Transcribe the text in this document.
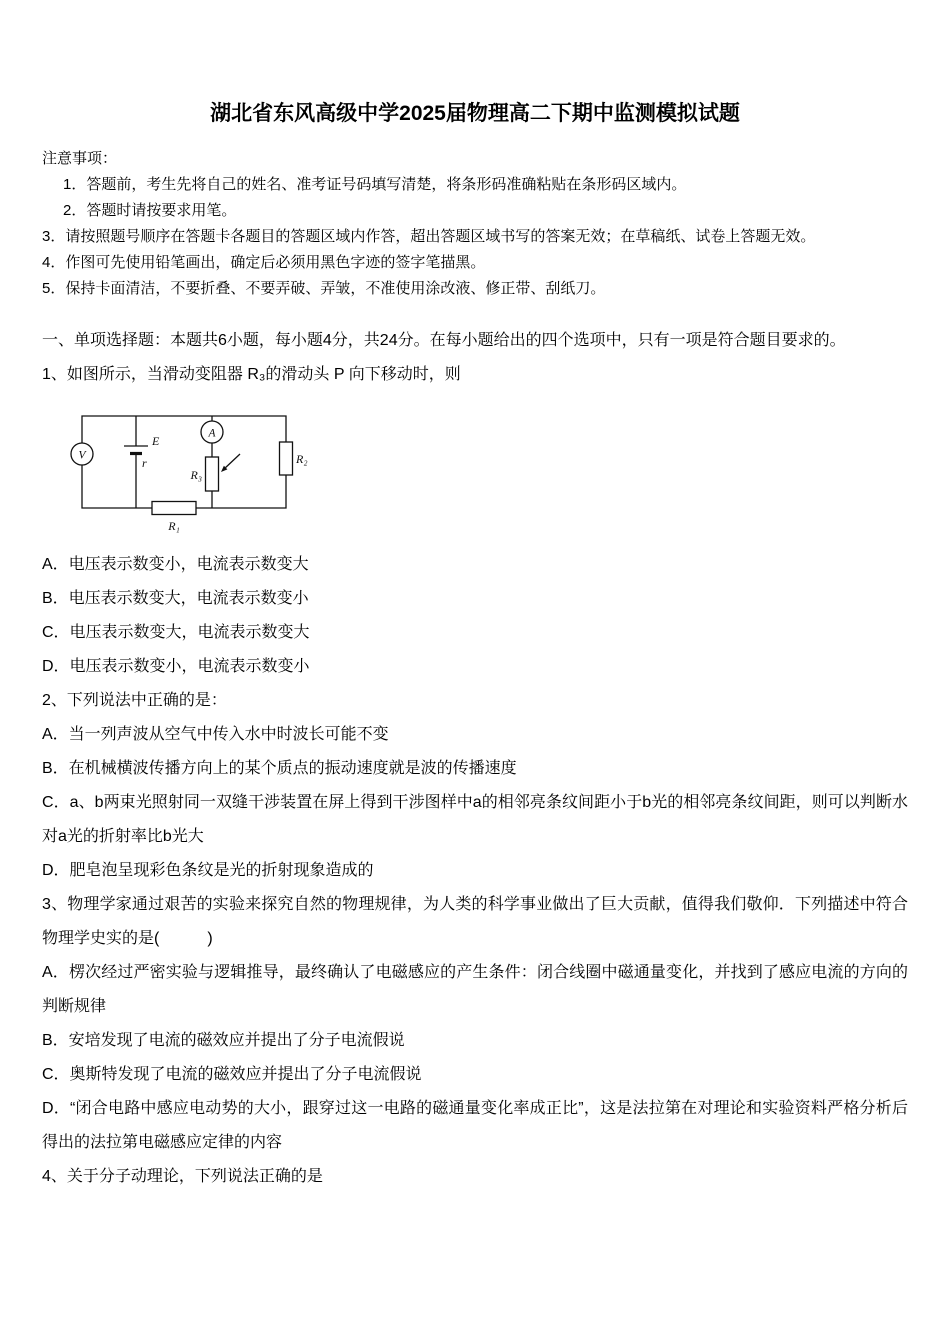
湖北省东风高级中学2025届物理高二下期中监测模拟试题

注意事项：

1．答题前，考生先将自己的姓名、准考证号码填写清楚，将条形码准确粘贴在条形码区域内。

2．答题时请按要求用笔。

3．请按照题号顺序在答题卡各题目的答题区域内作答，超出答题区域书写的答案无效；在草稿纸、试卷上答题无效。

4．作图可先使用铅笔画出，确定后必须用黑色字迹的签字笔描黑。

5．保持卡面清洁，不要折叠、不要弄破、弄皱，不准使用涂改液、修正带、刮纸刀。

一、单项选择题：本题共6小题，每小题4分，共24分。在每小题给出的四个选项中，只有一项是符合题目要求的。

1、如图所示，当滑动变阻器 R₃的滑动头 P 向下移动时，则

V
A
E
r
R₃
R₂
R₁

A．电压表示数变小，电流表示数变大

B．电压表示数变大，电流表示数变小

C．电压表示数变大，电流表示数变大

D．电压表示数变小，电流表示数变小

2、下列说法中正确的是：

A．当一列声波从空气中传入水中时波长可能不变

B．在机械横波传播方向上的某个质点的振动速度就是波的传播速度

C．a、b两束光照射同一双缝干涉装置在屏上得到干涉图样中a的相邻亮条纹间距小于b光的相邻亮条纹间距，则可以判断水对a光的折射率比b光大

D．肥皂泡呈现彩色条纹是光的折射现象造成的

3、物理学家通过艰苦的实验来探究自然的物理规律，为人类的科学事业做出了巨大贡献，值得我们敬仰．下列描述中符合物理学史实的是(　　　)

A．楞次经过严密实验与逻辑推导，最终确认了电磁感应的产生条件：闭合线圈中磁通量变化，并找到了感应电流的方向的判断规律

B．安培发现了电流的磁效应并提出了分子电流假说

C．奥斯特发现了电流的磁效应并提出了分子电流假说

D．“闭合电路中感应电动势的大小，跟穿过这一电路的磁通量变化率成正比”，这是法拉第在对理论和实验资料严格分析后得出的法拉第电磁感应定律的内容

4、关于分子动理论，下列说法正确的是
